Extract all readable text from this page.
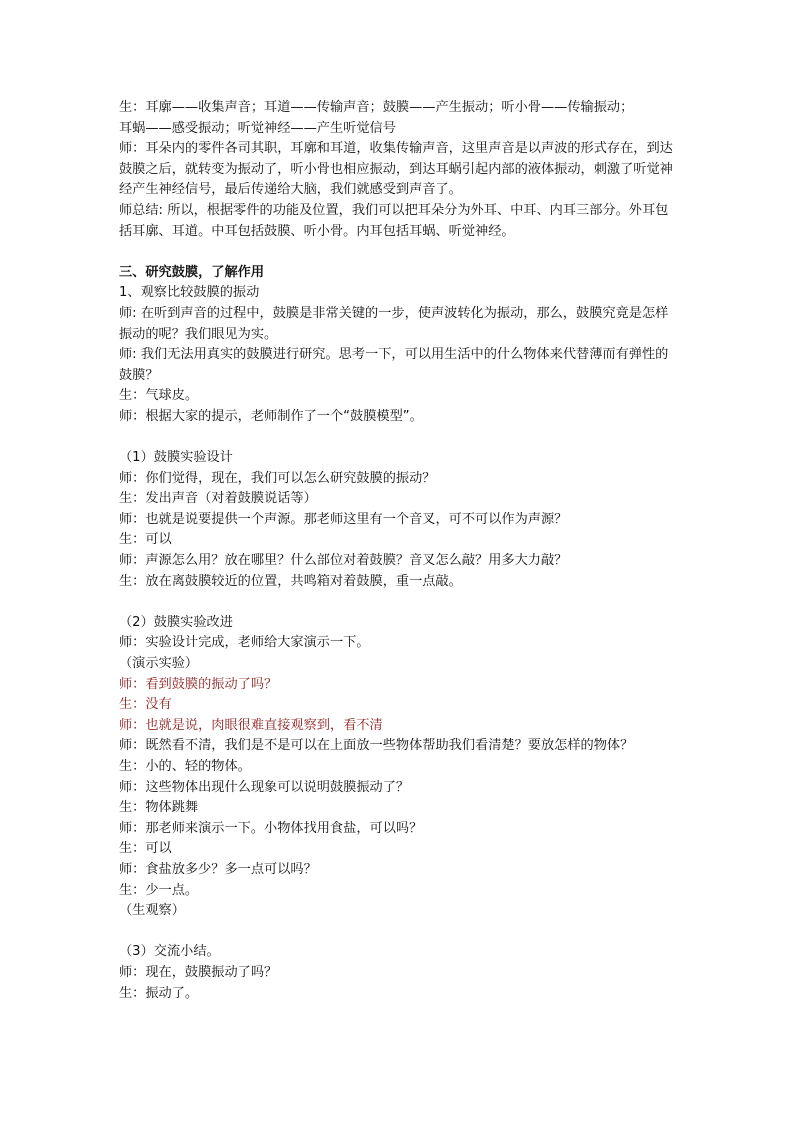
生：耳廓——收集声音；耳道——传输声音；鼓膜——产生振动；听小骨——传输振动；
耳蜗——感受振动；听觉神经——产生听觉信号
师：耳朵内的零件各司其职，耳廓和耳道，收集传输声音，这里声音是以声波的形式存在，到达鼓膜之后，就转变为振动了，听小骨也相应振动，到达耳蜗引起内部的液体振动，刺激了听觉神经产生神经信号，最后传递给大脑，我们就感受到声音了。
师总结: 所以，根据零件的功能及位置，我们可以把耳朵分为外耳、中耳、内耳三部分。外耳包括耳廓、耳道。中耳包括鼓膜、听小骨。内耳包括耳蜗、听觉神经。
三、研究鼓膜，了解作用
1、观察比较鼓膜的振动
师: 在听到声音的过程中，鼓膜是非常关键的一步，使声波转化为振动，那么，鼓膜究竟是怎样振动的呢？我们眼见为实。
师: 我们无法用真实的鼓膜进行研究。思考一下，可以用生活中的什么物体来代替薄而有弹性的鼓膜？
生：气球皮。
师：根据大家的提示，老师制作了一个“鼓膜模型”。
（1）鼓膜实验设计
师：你们觉得，现在，我们可以怎么研究鼓膜的振动？
生：发出声音（对着鼓膜说话等）
师：也就是说要提供一个声源。那老师这里有一个音叉，可不可以作为声源？
生：可以
师：声源怎么用？放在哪里？什么部位对着鼓膜？音叉怎么敲？用多大力敲？
生：放在离鼓膜较近的位置，共鸣箱对着鼓膜，重一点敲。
（2）鼓膜实验改进
师：实验设计完成，老师给大家演示一下。
（演示实验）
师：看到鼓膜的振动了吗？
生：没有
师：也就是说，肉眼很难直接观察到，看不清
师：既然看不清，我们是不是可以在上面放一些物体帮助我们看清楚？要放怎样的物体？
生：小的、轻的物体。
师：这些物体出现什么现象可以说明鼓膜振动了？
生：物体跳舞
师：那老师来演示一下。小物体找用食盐，可以吗？
生：可以
师：食盐放多少？多一点可以吗？
生：少一点。
（生观察）
（3）交流小结。
师：现在，鼓膜振动了吗？
生：振动了。
